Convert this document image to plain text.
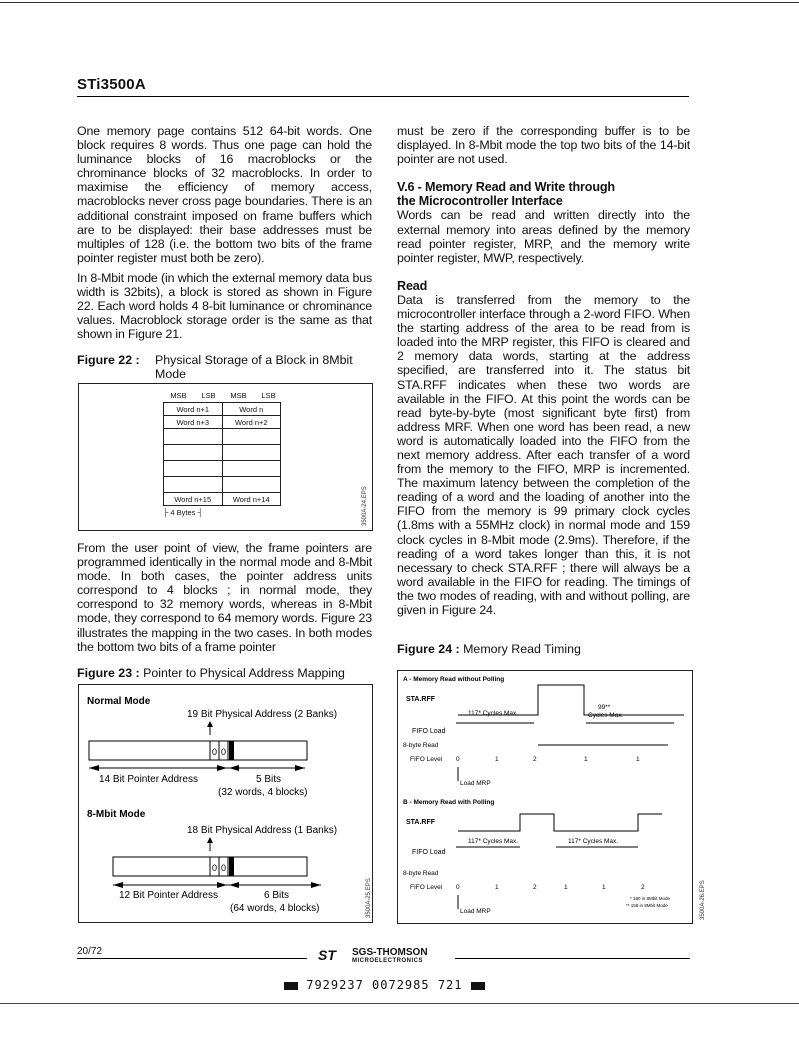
STi3500A

One memory page contains 512 64-bit words. One block requires 8 words. Thus one page can hold the luminance blocks of 16 macroblocks or the chrominance blocks of 32 macroblocks. In order to maximise the efficiency of memory access, macroblocks never cross page boundaries. There is an additional constraint imposed on frame buffers which are to be displayed: their base addresses must be multiples of 128 (i.e. the bottom two bits of the frame pointer register must both be zero).

In 8-Mbit mode (in which the external memory data bus width is 32bits), a block is stored as shown in Figure 22. Each word holds 4 8-bit luminance or chrominance values. Macroblock storage order is the same as that shown in Figure 21.

Figure 22 :	Physical Storage of a Block in 8Mbit Mode
MSB LSB MSB LSB
Word n+1	Word n
Word n+3	Word n+2

Word n+15	Word n+14
├ 4 Bytes ┤	3500A-24.EPS

From the user point of view, the frame pointers are programmed identically in the normal mode and 8-Mbit mode. In both cases, the pointer address units correspond to 4 blocks ; in normal mode, they correspond to 32 memory words, whereas in 8-Mbit mode, they correspond to 64 memory words. Figure 23 illustrates the mapping in the two cases. In both modes the bottom two bits of a frame pointer

Figure 23 : Pointer to Physical Address Mapping
Normal Mode
19 Bit Physical Address (2 Banks)
0 0
14 Bit Pointer Address	5 Bits
(32 words, 4 blocks)
8-Mbit Mode
18 Bit Physical Address (1 Banks)
0 0
12 Bit Pointer Address	6 Bits
(64 words, 4 blocks)	3500A-25.EPS

must be zero if the corresponding buffer is to be displayed. In 8-Mbit mode the top two bits of the 14-bit pointer are not used.

V.6 - Memory Read and Write through
the Microcontroller Interface

Words can be read and written directly into the external memory into areas defined by the memory read pointer register, MRP, and the memory write pointer register, MWP, respectively.

Read

Data is transferred from the memory to the microcontroller interface through a 2-word FIFO. When the starting address of the area to be read from is loaded into the MRP register, this FIFO is cleared and 2 memory data words, starting at the address specified, are transferred into it. The status bit STA.RFF indicates when these two words are available in the FIFO. At this point the words can be read byte-by-byte (most significant byte first) from address MRF. When one word has been read, a new word is automatically loaded into the FIFO from the next memory address. After each transfer of a word from the memory to the FIFO, MRP is incremented. The maximum latency between the completion of the reading of a word and the loading of another into the FIFO from the memory is 99 primary clock cycles (1.8ms with a 55MHz clock) in normal mode and 159 clock cycles in 8-Mbit mode (2.9ms). Therefore, if the reading of a word takes longer than this, it is not necessary to check STA.RFF ; there will always be a word available in the FIFO for reading. The timings of the two modes of reading, with and without polling, are given in Figure 24.

Figure 24 : Memory Read Timing
A - Memory Read without Polling
STA.RFF
117* Cycles Max.
99**
Cycles Max.
FIFO Load
8-byte Read
FIFO Level 0	1	2	1	1
Load MRP
B - Memory Read with Polling
STA.RFF
117* Cycles Max.	117* Cycles Max.
FIFO Load
8-byte Read
FIFO Level 0	1	2	1	1	2
* 180 in 8Mbit Mode
** 158 in 8Mbit Mode
Load MRP	3500A-26.EPS
20/72	ST SGS-THOMSON
MICROELECTRONICS
7929237 0072985 721
